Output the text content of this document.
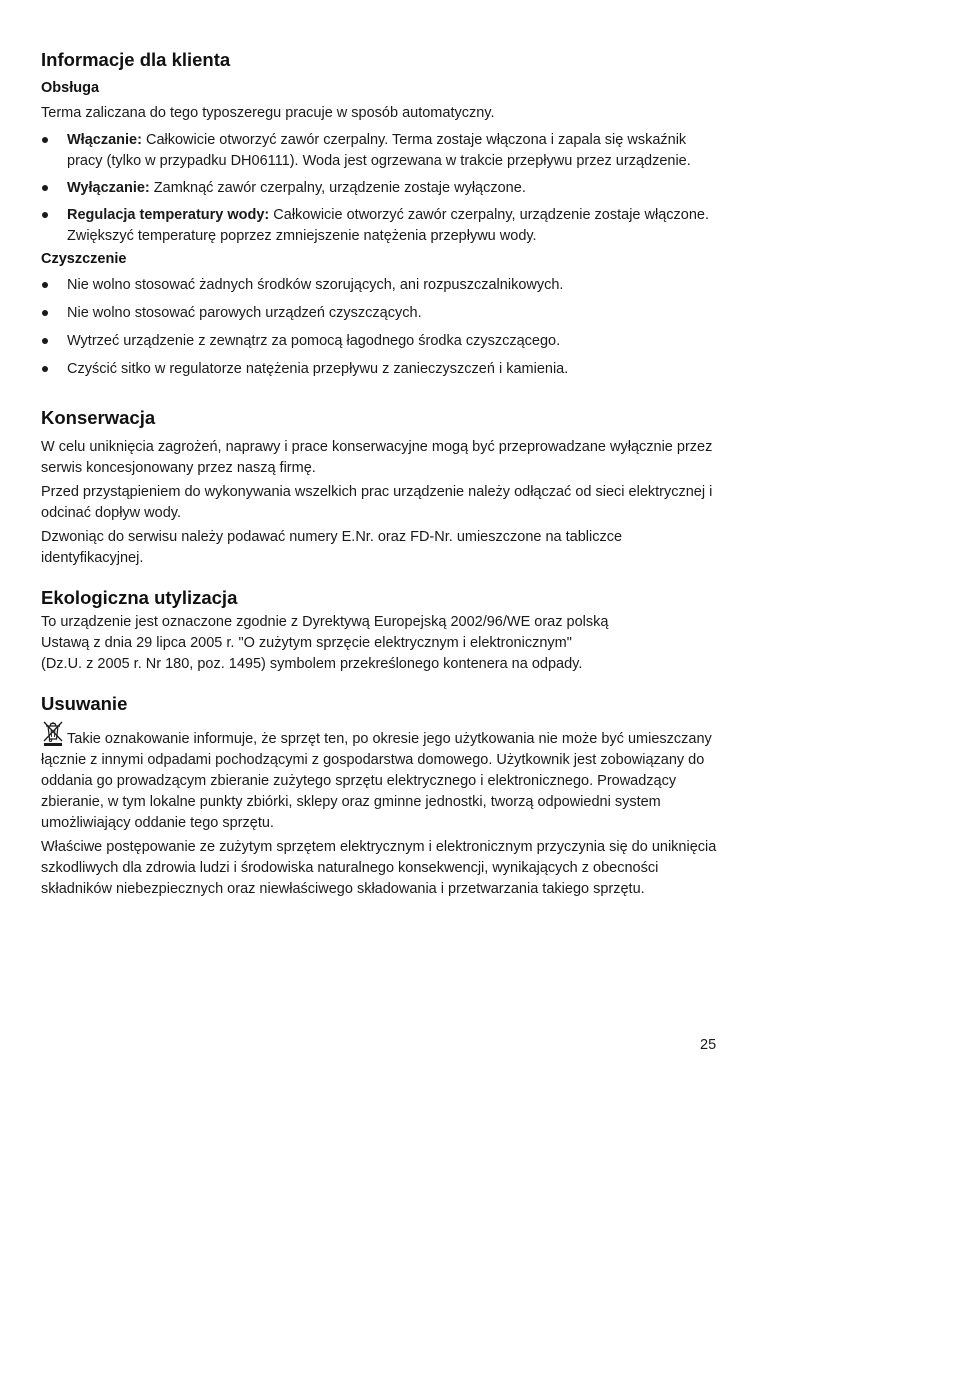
Informacje dla klienta
Obsługa

Terma zaliczana do tego typoszeregu pracuje w sposób automatyczny.

Włączanie: Całkowicie otworzyć zawór czerpalny. Terma zostaje włączona i zapala się wskaźnik pracy (tylko w przypadku DH06111). Woda jest ogrzewana w trakcie przepływu przez urządzenie.
Wyłączanie: Zamknąć zawór czerpalny, urządzenie zostaje wyłączone.
Regulacja temperatury wody: Całkowicie otworzyć zawór czerpalny, urządzenie zostaje włączone. Zwiększyć temperaturę poprzez zmniejszenie natężenia przepływu wody.
Czyszczenie
Nie wolno stosować żadnych środków szorujących, ani rozpuszczalnikowych.
Nie wolno stosować parowych urządzeń czyszczących.
Wytrzeć urządzenie z zewnątrz za pomocą łagodnego środka czyszczącego.
Czyścić sitko w regulatorze natężenia przepływu z zanieczyszczeń i kamienia.
Konserwacja

W celu uniknięcia zagrożeń, naprawy i prace konserwacyjne mogą być przeprowadzane wyłącznie przez serwis koncesjonowany przez naszą firmę.

Przed przystąpieniem do wykonywania wszelkich prac urządzenie należy odłączać od sieci elektrycznej i odcinać dopływ wody.

Dzwoniąc do serwisu należy podawać numery E.Nr. oraz FD-Nr. umieszczone na tabliczce identyfikacyjnej.

Ekologiczna utylizacja

To urządzenie jest oznaczone zgodnie z Dyrektywą Europejską 2002/96/WE oraz polską
Ustawą z dnia 29 lipca 2005 r. "O zużytym sprzęcie elektrycznym i elektronicznym"
(Dz.U. z 2005 r. Nr 180, poz. 1495) symbolem przekreślonego kontenera na odpady.

Usuwanie

Takie oznakowanie informuje, że sprzęt ten, po okresie jego użytkowania nie może być umieszczany łącznie z innymi odpadami pochodzącymi z gospodarstwa domowego. Użytkownik jest zobowiązany do oddania go prowadzącym zbieranie zużytego sprzętu elektrycznego i elektronicznego. Prowadzący zbieranie, w tym lokalne punkty zbiórki, sklepy oraz gminne jednostki, tworzą odpowiedni system umożliwiający oddanie tego sprzętu.

Właściwe postępowanie ze zużytym sprzętem elektrycznym i elektronicznym przyczynia się do uniknięcia szkodliwych dla zdrowia ludzi i środowiska naturalnego konsekwencji, wynikających z obecności składników niebezpiecznych oraz niewłaściwego składowania i przetwarzania takiego sprzętu.

25
